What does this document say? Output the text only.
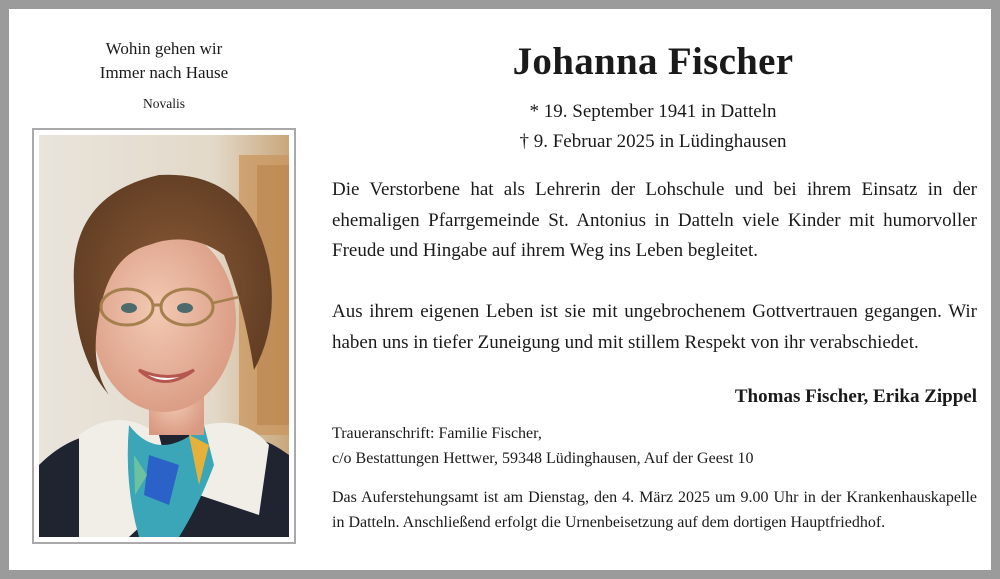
Wohin gehen wir
Immer nach Hause
Novalis
Johanna Fischer
* 19. September 1941 in Datteln
† 9. Februar 2025 in Lüdinghausen
Die Verstorbene hat als Lehrerin der Lohschule und bei ihrem Einsatz in der ehemaligen Pfarrgemeinde St. Antonius in Datteln viele Kinder mit humorvoller Freude und Hingabe auf ihrem Weg ins Leben begleitet.
Aus ihrem eigenen Leben ist sie mit ungebrochenem Gottvertrauen gegangen. Wir haben uns in tiefer Zuneigung und mit stillem Respekt von ihr verabschiedet.
Thomas Fischer, Erika Zippel
Traueranschrift: Familie Fischer,
c/o Bestattungen Hettwer, 59348 Lüdinghausen, Auf der Geest 10
Das Auferstehungsamt ist am Dienstag, den 4. März 2025 um 9.00 Uhr in der Krankenhauskapelle in Datteln. Anschließend erfolgt die Urnenbeisetzung auf dem dortigen Hauptfriedhof.
